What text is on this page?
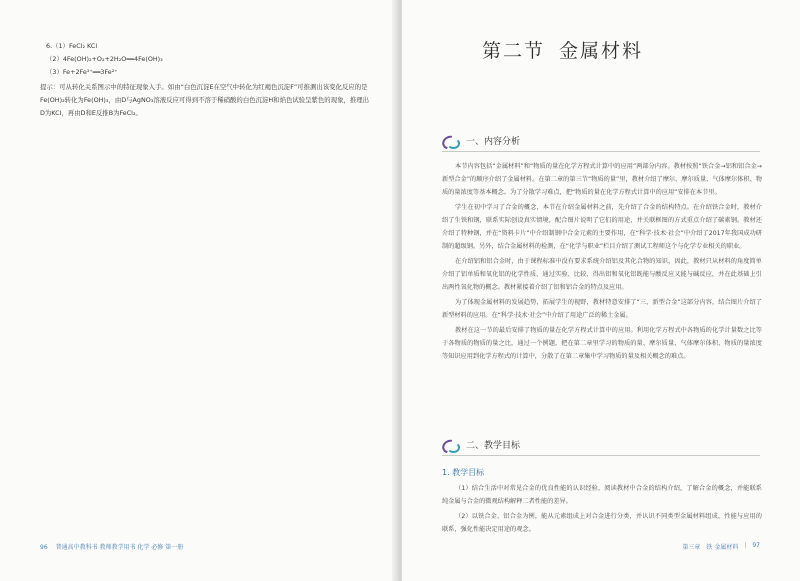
6.（1）FeCl₂ KCl
（2）4Fe(OH)₂+O₂+2H₂O══4Fe(OH)₃
（3）Fe+2Fe³⁺══3Fe²⁺
提示：可从转化关系图示中的特征现象入手。如由“白色沉淀E在空气中转化为红褐色沉淀F”可推测出该变化反应的是Fe(OH)₂转化为Fe(OH)₃，由D与AgNO₃溶液反应可得到不溶于稀硝酸的白色沉淀H和焰色试验呈紫色的现象，推理出D为KCl，再由D和E反推B为FeCl₂。
96 普通高中教科书 教师教学用书 化学 必修 第一册
第二节 金属材料
一、内容分析

本节内容包括“金属材料”和“物质的量在化学方程式计算中的应用”两部分内容。教材按照“铁合金→铝和铝合金→新型合金”的顺序介绍了金属材料。在第二章的第三节“物质的量”里，教材介绍了摩尔、摩尔质量、气体摩尔体积、物质的量浓度等基本概念。为了分散学习难点，把“物质的量在化学方程式计算中的应用”安排在本节里。

学生在初中学习了合金的概念，本节在介绍金属材料之前，先介绍了合金的结构特点。在介绍铁合金时，教材介绍了生铁和钢，联系实际创设真实情境，配合图片说明了它们的用途，并关联框图的方式重点介绍了碳素钢。教材还介绍了特种钢，并在“资料卡片”中介绍制钢中合金元素的主要作用，在“科学·技术·社会”中介绍了2017年我国成功研制的超级钢。另外，结合金属材料的检测，在“化学与职业”栏目介绍了测试工程师这个与化学专业相关的职业。

在介绍铝和铝合金时，由于课程标准中没有要求系统介绍铝及其化合物的知识，因此，教材只从材料的角度简单介绍了铝单质和氧化铝的化学性质，通过实验、比较、得出铝和氧化铝既能与酸反应又能与碱反应，并在此基础上引出两性氧化物的概念。教材紧接着介绍了铝和铝合金的特点及应用。

为了体现金属材料的发展趋势，拓展学生的视野，教材特意安排了“三、新型合金”这部分内容，结合图片介绍了新型材料的应用。在“科学·技术·社会”中介绍了用途广泛的稀土金属。

教材在这一节的最后安排了物质的量在化学方程式计算中的应用。利用化学方程式中各物质的化学计量数之比等于各物质的物质的量之比，通过一个例题，把在第二章里学习的物质的量、摩尔质量、气体摩尔体积、物质的量浓度等知识应用到化学方程式的计算中，分散了在第二章集中学习物质的量及相关概念的难点。

二、教学目标

1. 教学目标

（1）结合生活中对常见合金的优良性能的认识经验，阅读教材中合金的结构介绍，了解合金的概念，并能联系纯金属与合金的微观结构解释二者性能的差异。

（2）以铁合金、铝合金为例，能从元素组成上对合金进行分类，并认识不同类型金属材料组成、性能与应用的联系，强化性能决定用途的观念。

第三章 铁 金属材料 | 97
